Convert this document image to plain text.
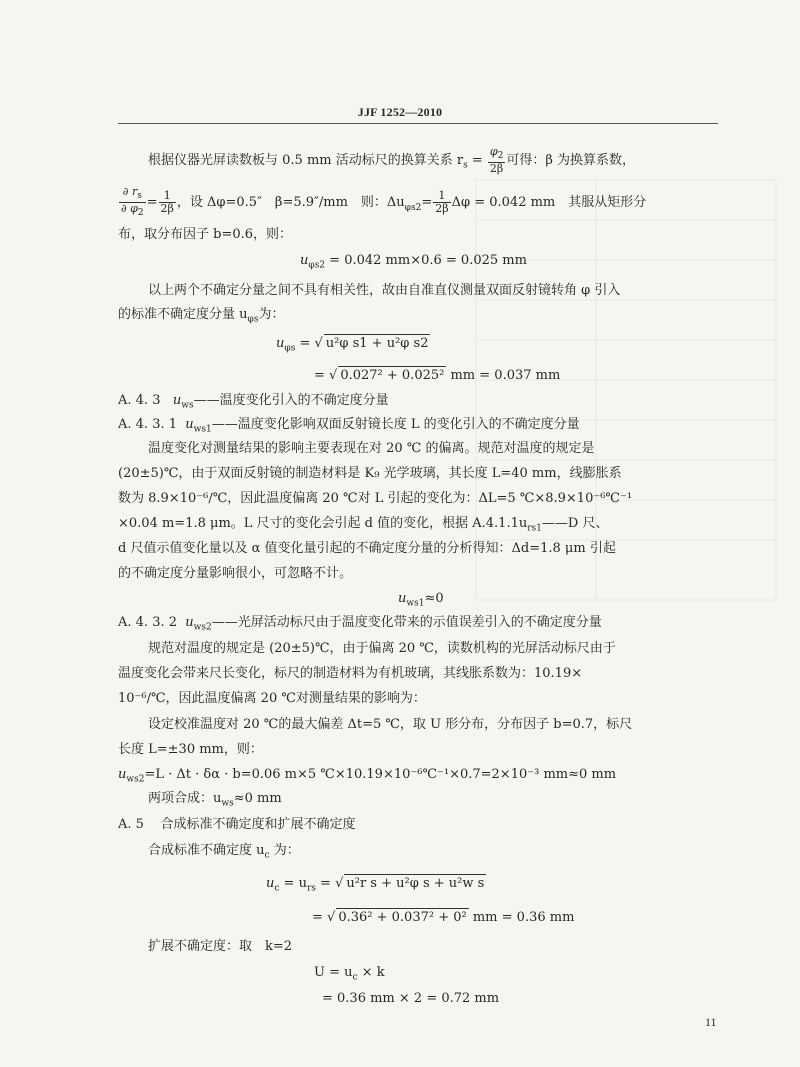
JJF 1252—2010
根据仪器光屏读数板与 0.5 mm 活动标尺的换算关系 $r_s = \frac{\varphi_2}{2\beta}$ 可得：β 为换算系数，
$\frac{\partial r_s}{\partial \varphi_2} = \frac{1}{2\beta}$ ，设 Δφ=0.5″　β=5.9″/mm　则：$\Delta u_{\varphi s2}= \frac{1}{2\beta}$ Δφ = 0.042 mm　其服从矩形分
布，取分布因子 b=0.6，则：
$u_{\varphi s2} = 0.042$ mm×0.6 = 0.025 mm
以上两个不确定分量之间不具有相关性，故由自准直仪测量双面反射镜转角 φ 引入
的标准不确定度分量 $u_{\varphi s}$为：
$u_{\varphi s}$ = √ u²φ s1 + u²φ s2
= √ 0.027² + 0.025² mm = 0.037 mm
A. 4. 3 $u_{ws}——$温度变化引入的不确定度分量
A. 4. 3. 1 $u_{ws1}——$温度变化影响双面反射镜长度 L 的变化引入的不确定度分量
温度变化对测量结果的影响主要表现在对 20 ℃ 的偏离。规范对温度的规定是
(20±5)℃，由于双面反射镜的制造材料是 K₉ 光学玻璃，其长度 L=40 mm，线膨胀系
数为 8.9×10⁻⁶/℃，因此温度偏离 20 ℃对 L 引起的变化为：ΔL=5 ℃×8.9×10⁻⁶℃⁻¹
×0.04 m=1.8 μm。L 尺寸的变化会引起 d 值的变化，根据 $A.4.1.1u_{rs1}——D$ 尺、
d 尺值示值变化量以及 α 值变化量引起的不确定度分量的分析得知：Δd=1.8 μm 引起
的不确定度分量影响很小，可忽略不计。
$u_{ws1}\approx 0$
A. 4. 3. 2 $u_{ws2}——$光屏活动标尺由于温度变化带来的示值误差引入的不确定度分量
规范对温度的规定是 (20±5)℃，由于偏离 20 ℃，读数机构的光屏活动标尺由于
温度变化会带来尺长变化，标尺的制造材料为有机玻璃，其线胀系数为：10.19×
10⁻⁶/℃，因此温度偏离 20 ℃对测量结果的影响为：
设定校准温度对 20 ℃的最大偏差 Δt=5 ℃，取 U 形分布，分布因子 b=0.7，标尺
长度 L=±30 mm，则：
$u_{ws2}=L \cdot \Delta t \cdot \delta\alpha \cdot b=0.06$ m×5 ℃×10.19×10⁻⁶℃⁻¹×0.7=2×10⁻³ mm≈0 mm
两项合成：$u_{ws}\approx 0$ mm
A. 5 合成标准不确定度和扩展不确定度
合成标准不确定度 $u_c$ 为：
$u_c = u_{rs}$ = √ u²r s + u²φ s + u²w s
= √ 0.36² + 0.037² + 0² mm = 0.36 mm
扩展不确定度：取　k=2
$U = u_c \times k$
= 0.36 mm × 2 = 0.72 mm
11
